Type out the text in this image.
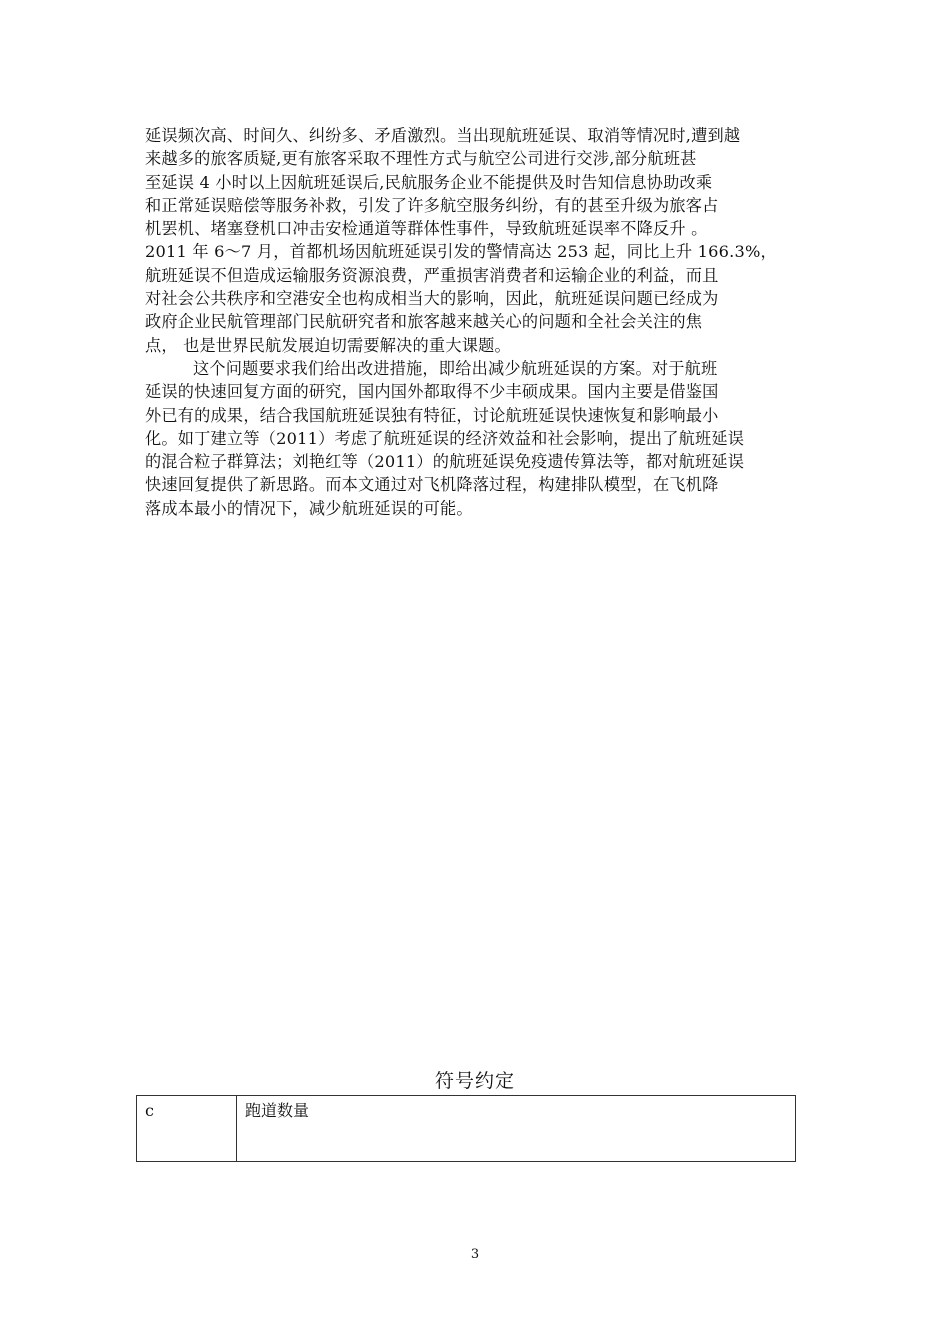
延误频次高、时间久、纠纷多、矛盾激烈。当出现航班延误、取消等情况时,遭到越
来越多的旅客质疑,更有旅客采取不理性方式与航空公司进行交涉,部分航班甚
至延误 4 小时以上因航班延误后,民航服务企业不能提供及时告知信息协助改乘
和正常延误赔偿等服务补救，引发了许多航空服务纠纷，有的甚至升级为旅客占
机罢机、堵塞登机口冲击安检通道等群体性事件，导致航班延误率不降反升 。
2011 年 6～7 月，首都机场因航班延误引发的警情高达 253 起，同比上升 166.3%，
航班延误不但造成运输服务资源浪费，严重损害消费者和运输企业的利益，而且
对社会公共秩序和空港安全也构成相当大的影响，因此，航班延误问题已经成为
政府企业民航管理部门民航研究者和旅客越来越关心的问题和全社会关注的焦
点， 也是世界民航发展迫切需要解决的重大课题。
这个问题要求我们给出改进措施，即给出减少航班延误的方案。对于航班
延误的快速回复方面的研究，国内国外都取得不少丰硕成果。国内主要是借鉴国
外已有的成果，结合我国航班延误独有特征，讨论航班延误快速恢复和影响最小
化。如丁建立等（2011）考虑了航班延误的经济效益和社会影响，提出了航班延误
的混合粒子群算法；刘艳红等（2011）的航班延误免疫遗传算法等，都对航班延误
快速回复提供了新思路。而本文通过对飞机降落过程，构建排队模型，在飞机降
落成本最小的情况下，减少航班延误的可能。
符号约定
c	跑道数量
3
